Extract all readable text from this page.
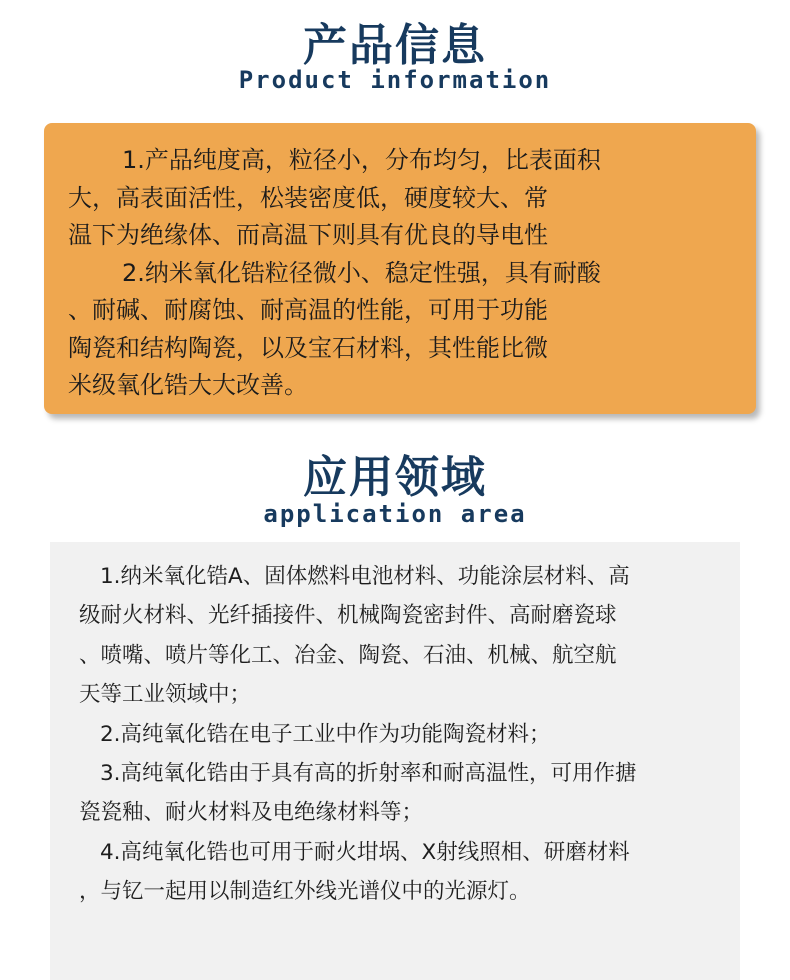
产品信息
Product information

1.产品纯度高，粒径小，分布均匀，比表面积
大，高表面活性，松装密度低，硬度较大、常
温下为绝缘体、而高温下则具有优良的导电性
2.纳米氧化锆粒径微小、稳定性强，具有耐酸
、耐碱、耐腐蚀、耐高温的性能，可用于功能
陶瓷和结构陶瓷，以及宝石材料，其性能比微
米级氧化锆大大改善。

应用领域
application area
1.纳米氧化锆A、固体燃料电池材料、功能涂层材料、高
级耐火材料、光纤插接件、机械陶瓷密封件、高耐磨瓷球
、喷嘴、喷片等化工、冶金、陶瓷、石油、机械、航空航
天等工业领域中；
2.高纯氧化锆在电子工业中作为功能陶瓷材料；
3.高纯氧化锆由于具有高的折射率和耐高温性，可用作搪
瓷瓷釉、耐火材料及电绝缘材料等；
4.高纯氧化锆也可用于耐火坩埚、X射线照相、研磨材料
，与钇一起用以制造红外线光谱仪中的光源灯。
